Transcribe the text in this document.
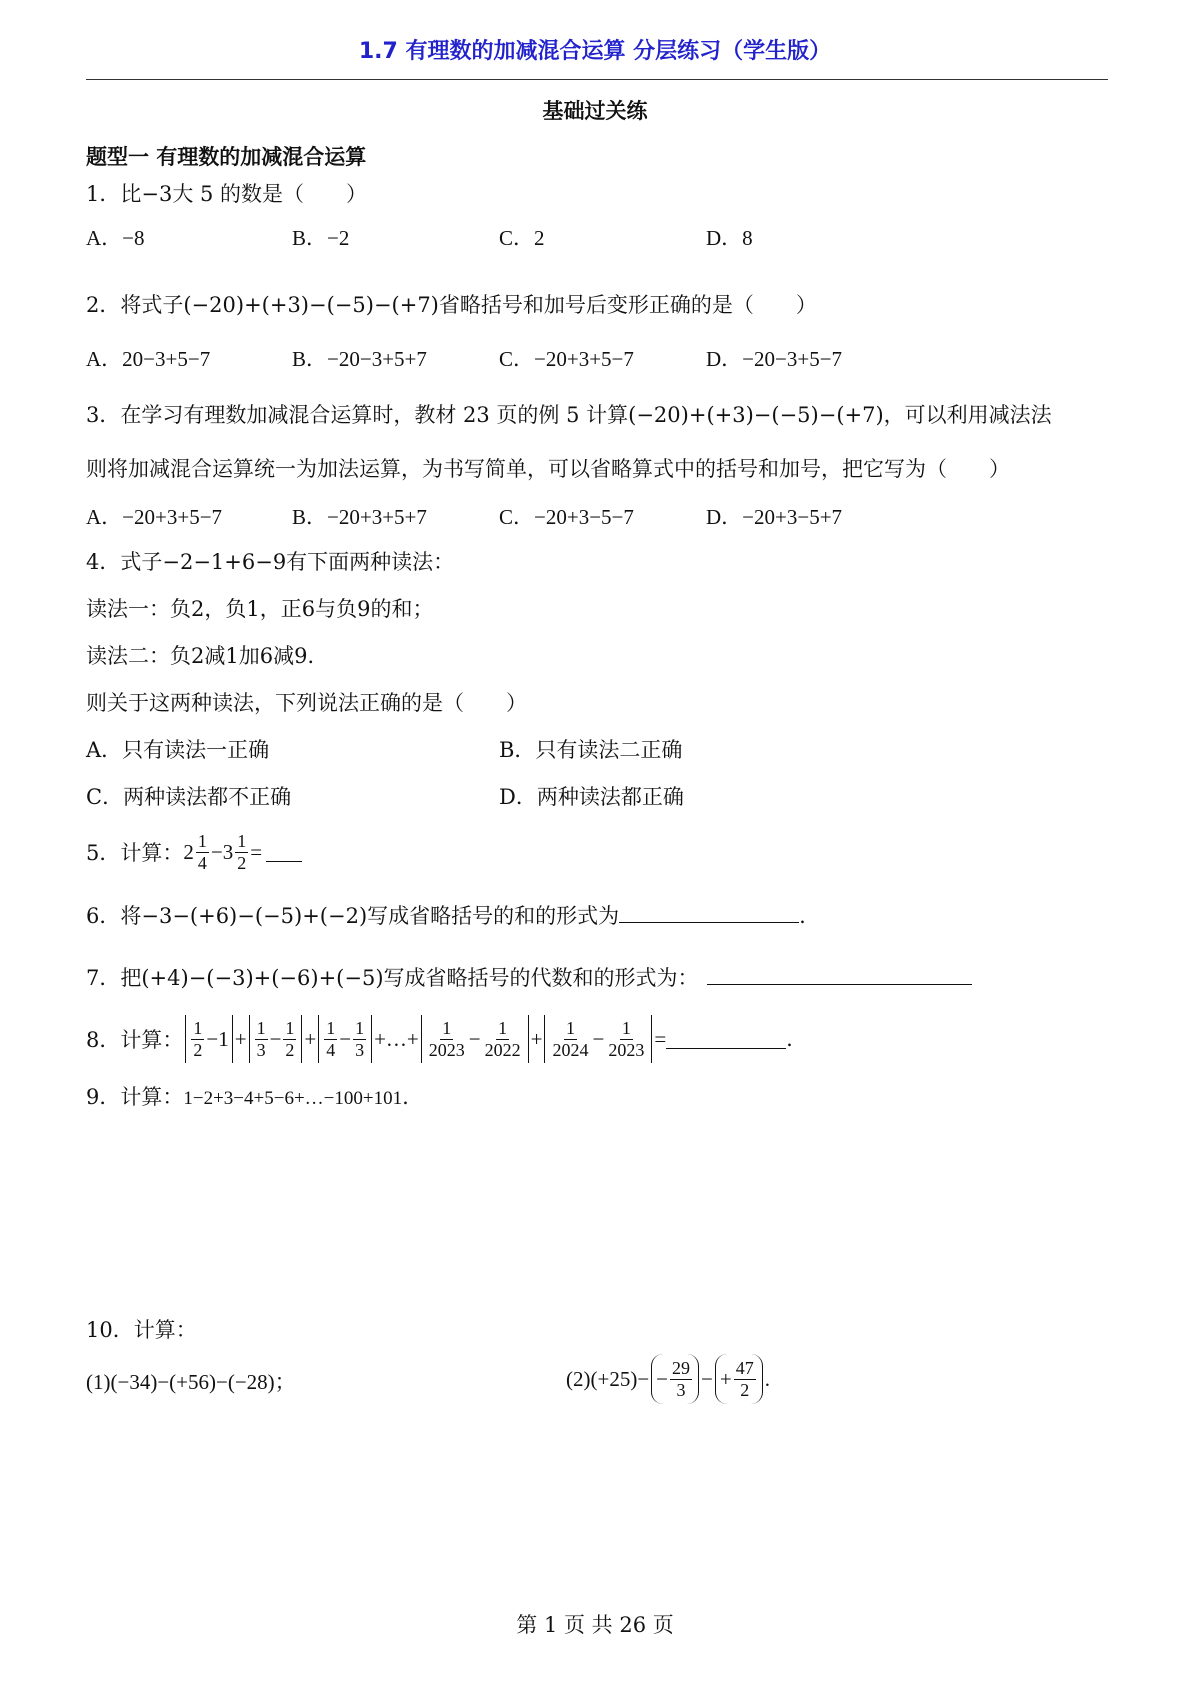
1.7 有理数的加减混合运算 分层练习（学生版）
基础过关练
题型一 有理数的加减混合运算
1．比−3大 5 的数是（　　）
A．−8	B．−2	C．2	D．8
2．将式子(−20)+(+3)−(−5)−(+7)省略括号和加号后变形正确的是（　　）
A．20−3+5−7	B．−20−3+5+7	C．−20+3+5−7	D．−20−3+5−7
3．在学习有理数加减混合运算时，教材 23 页的例 5 计算(−20)+(+3)−(−5)−(+7)，可以利用减法法
则将加减混合运算统一为加法运算，为书写简单，可以省略算式中的括号和加号，把它写为（　　）
A．−20+3+5−7	B．−20+3+5+7	C．−20+3−5−7	D．−20+3−5+7
4．式子−2−1+6−9有下面两种读法：
读法一：负2，负1，正6与负9的和；
读法二：负2减1加6减9．
则关于这两种读法，下列说法正确的是（　　）
A．只有读法一正确	B．只有读法二正确
C．两种读法都不正确	D．两种读法都正确
5．计算： $2 \frac{1}{4} - 3 \frac{1}{2}$ =
6．将−3−(+6)−(−5)+(−2)写成省略括号的和的形式为	.
7．把(+4)−(−3)+(−6)+(−5)写成省略括号的代数和的形式为：
8．计算： $\frac{1}{2} - 1 + \frac{1}{3} - \frac{1}{2} + \frac{1}{4} - \frac{1}{3}$ +…+ $\frac{1}{2023} - \frac{1}{2022} + \frac{1}{2024} - \frac{1}{2023}$ =	.
9．计算：1−2+3−4+5−6+…−100+101.
10．计算：
(1)(−34)−(+56)−(−28)；	$(2)(+25)- - \frac{29}{3}$ − + $\frac{47}{2}$ .
第 1 页 共 26 页
